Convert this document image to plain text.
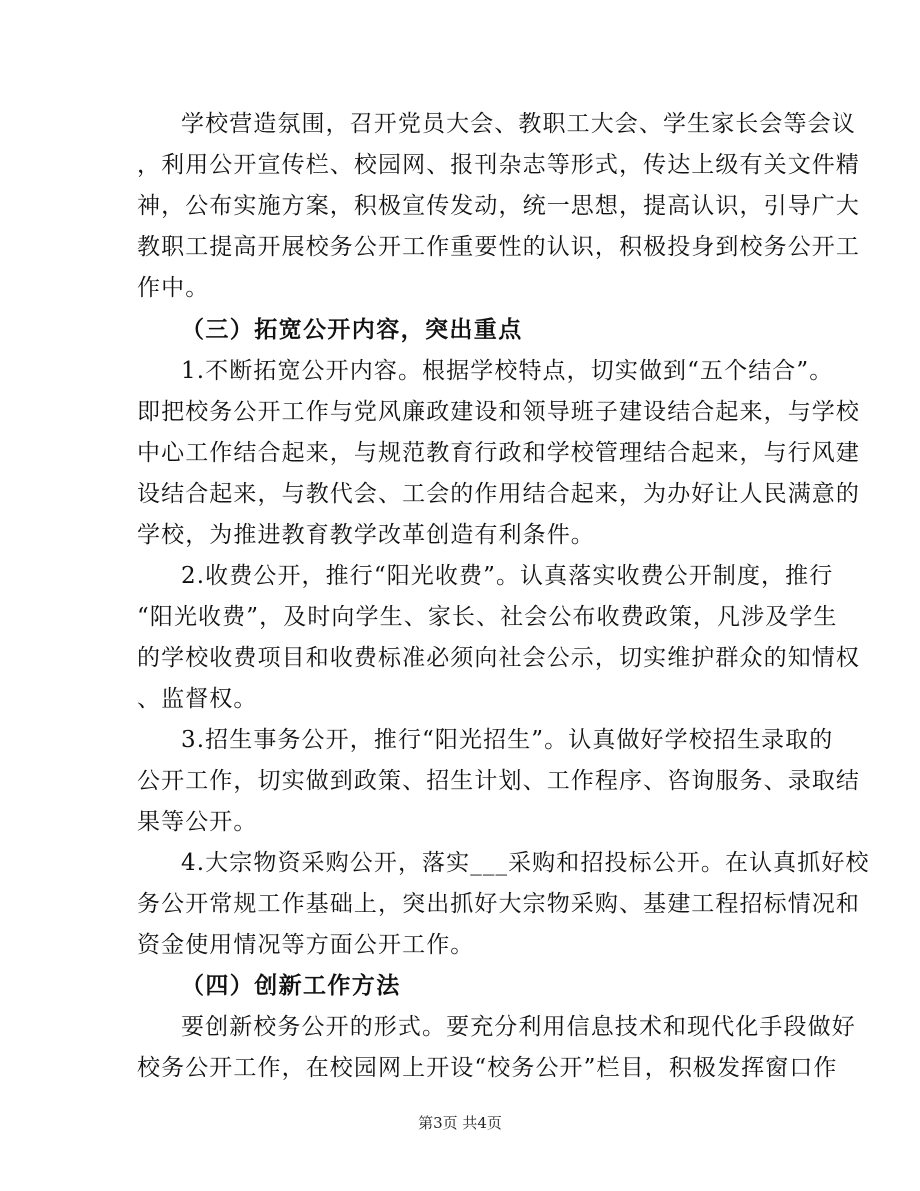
学校营造氛围，召开党员大会、教职工大会、学生家长会等会议
，利用公开宣传栏、校园网、报刊杂志等形式，传达上级有关文件精
神，公布实施方案，积极宣传发动，统一思想，提高认识，引导广大
教职工提高开展校务公开工作重要性的认识，积极投身到校务公开工
作中。
（三）拓宽公开内容，突出重点
1.不断拓宽公开内容。根据学校特点，切实做到“五个结合”。
即把校务公开工作与党风廉政建设和领导班子建设结合起来，与学校
中心工作结合起来，与规范教育行政和学校管理结合起来，与行风建
设结合起来，与教代会、工会的作用结合起来，为办好让人民满意的
学校，为推进教育教学改革创造有利条件。
2.收费公开，推行“阳光收费”。认真落实收费公开制度，推行
“阳光收费”，及时向学生、家长、社会公布收费政策，凡涉及学生
的学校收费项目和收费标准必须向社会公示，切实维护群众的知情权
、监督权。
3.招生事务公开，推行“阳光招生”。认真做好学校招生录取的
公开工作，切实做到政策、招生计划、工作程序、咨询服务、录取结
果等公开。
4.大宗物资采购公开，落实___采购和招投标公开。在认真抓好校
务公开常规工作基础上，突出抓好大宗物采购、基建工程招标情况和
资金使用情况等方面公开工作。
（四）创新工作方法
要创新校务公开的形式。要充分利用信息技术和现代化手段做好
校务公开工作，在校园网上开设“校务公开”栏目，积极发挥窗口作
第3页 共4页
